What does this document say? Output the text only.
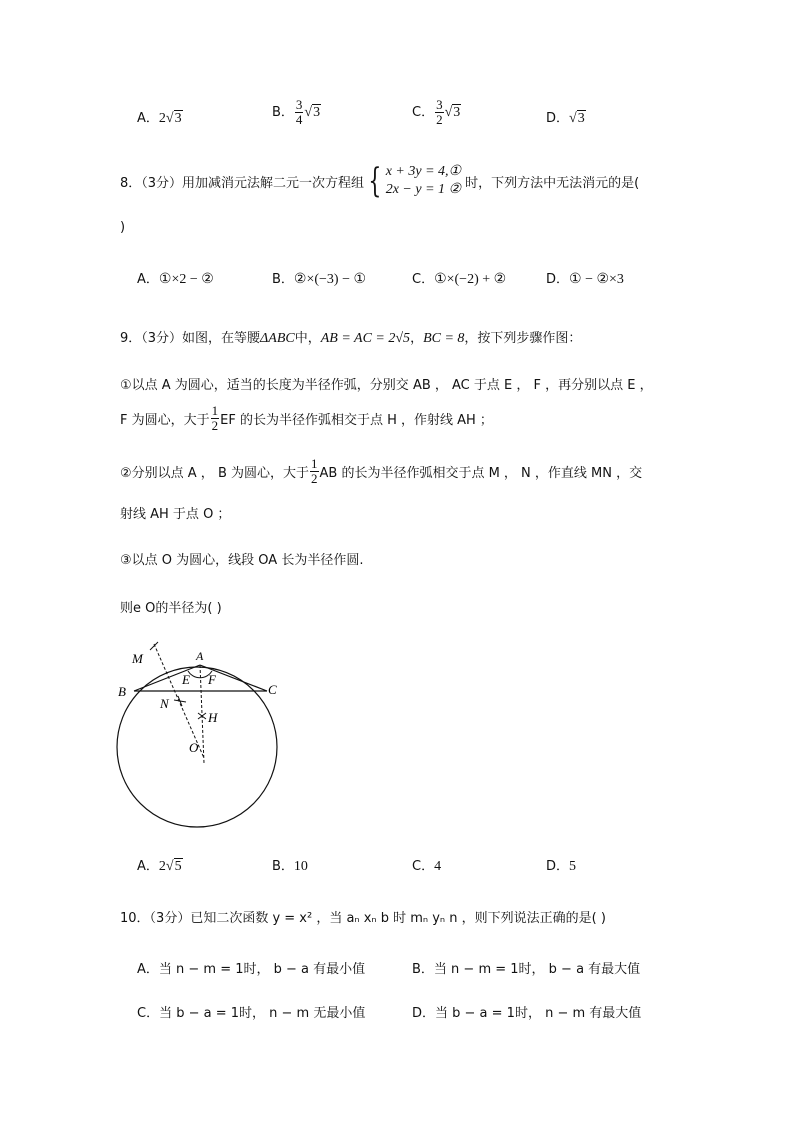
A．2√3	B． $\frac{3}{4} √3$	C． $\frac{3}{2} √3$	D．√3
8．（3分）用加减消元法解二元一次方程组 { x + 3y = 4,①
2x − y = 1 ② 时，下列方法中无法消元的是(
)
A．①×2 − ②	B．②×(−3) − ①	C．①×(−2) + ②	D．① − ②×3
9．（3分）如图，在等腰ΔABC中，AB = AC = 2√5，BC = 8，按下列步骤作图：
①以点 A 为圆心，适当的长度为半径作弧，分别交 AB ， AC 于点 E ， F ，再分别以点 E ，
F 为圆心，大于 $\frac{1}{2}$ EF 的长为半径作弧相交于点 H ，作射线 AH ；
②分别以点 A ， B 为圆心，大于 $\frac{1}{2}$ AB 的长为半径作弧相交于点 M ， N ，作直线 MN ，交
射线 AH 于点 O ；
③以点 O 为圆心，线段 OA 长为半径作圆.
则e O的半径为( )
M	A
E F
B	C
N
H
O
A．2√5	B．10	C．4	D．5
10．（3分）已知二次函数 y = x² ，当 aₙ xₙ b 时 mₙ yₙ n ，则下列说法正确的是( )
A．当 n − m = 1时， b − a 有最小值	B．当 n − m = 1时， b − a 有最大值
C．当 b − a = 1时， n − m 无最小值	D．当 b − a = 1时， n − m 有最大值
